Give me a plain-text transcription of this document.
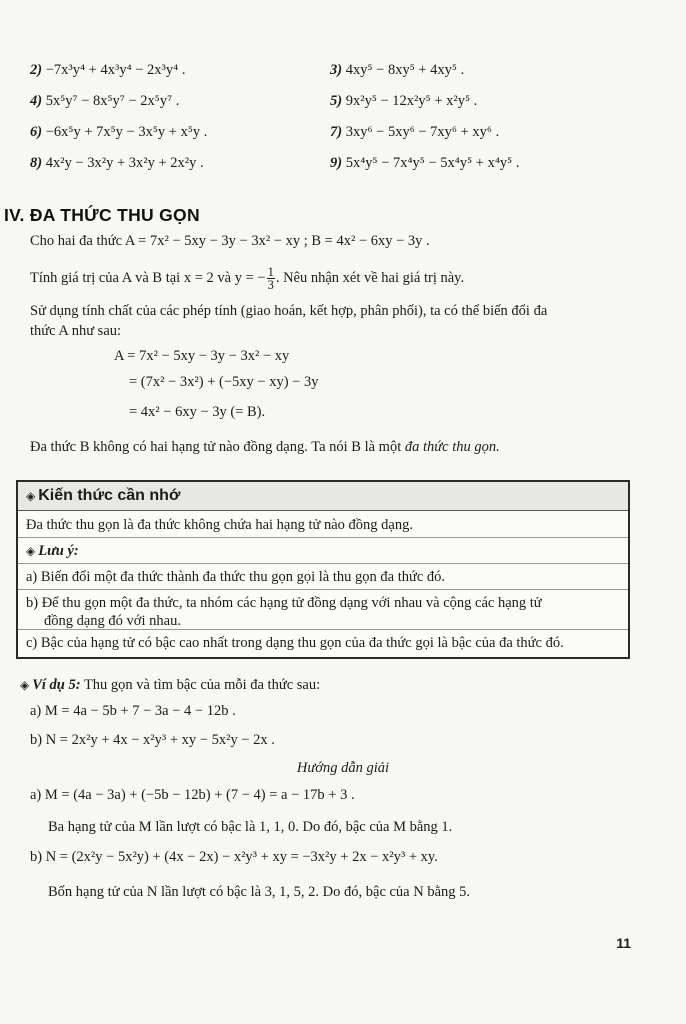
2) −7x³y⁴ + 4x³y⁴ − 2x³y⁴ .	3) 4xy⁵ − 8xy⁵ + 4xy⁵ .
4) 5x⁵y⁷ − 8x⁵y⁷ − 2x⁵y⁷ .	5) 9x²y⁵ − 12x²y⁵ + x²y⁵ .
6) −6x⁵y + 7x⁵y − 3x⁵y + x⁵y .	7) 3xy⁶ − 5xy⁶ − 7xy⁶ + xy⁶ .
8) 4x²y − 3x²y + 3x²y + 2x²y .	9) 5x⁴y⁵ − 7x⁴y⁵ − 5x⁴y⁵ + x⁴y⁵ .
IV. ĐA THỨC THU GỌN
Cho hai đa thức A = 7x² − 5xy − 3y − 3x² − xy ; B = 4x² − 6xy − 3y .
Tính giá trị của A và B tại x = 2 và y = − $\frac{1}{3}$ . Nêu nhận xét về hai giá trị này.
Sử dụng tính chất của các phép tính (giao hoán, kết hợp, phân phối), ta có thể biến đổi đa
thức A như sau:
A = 7x² − 5xy − 3y − 3x² − xy
= (7x² − 3x²) + (−5xy − xy) − 3y
= 4x² − 6xy − 3y (= B).
Đa thức B không có hai hạng tử nào đồng dạng. Ta nói B là một đa thức thu gọn.
◈ Kiến thức cần nhớ
Đa thức thu gọn là đa thức không chứa hai hạng tử nào đồng dạng.
◈ Lưu ý:
a) Biến đổi một đa thức thành đa thức thu gọn gọi là thu gọn đa thức đó.
b) Để thu gọn một đa thức, ta nhóm các hạng tử đồng dạng với nhau và cộng các hạng tử
đồng dạng đó với nhau.
c) Bậc của hạng tử có bậc cao nhất trong dạng thu gọn của đa thức gọi là bậc của đa thức đó.
◈ Ví dụ 5: Thu gọn và tìm bậc của mỗi đa thức sau:
a) M = 4a − 5b + 7 − 3a − 4 − 12b .
b) N = 2x²y + 4x − x²y³ + xy − 5x²y − 2x .
Hướng dẫn giải
a) M = (4a − 3a) + (−5b − 12b) + (7 − 4) = a − 17b + 3 .
Ba hạng tử của M lần lượt có bậc là 1, 1, 0. Do đó, bậc của M bằng 1.
b) N = (2x²y − 5x²y) + (4x − 2x) − x²y³ + xy = −3x²y + 2x − x²y³ + xy.
Bốn hạng tử của N lần lượt có bậc là 3, 1, 5, 2. Do đó, bậc của N bằng 5.
11
